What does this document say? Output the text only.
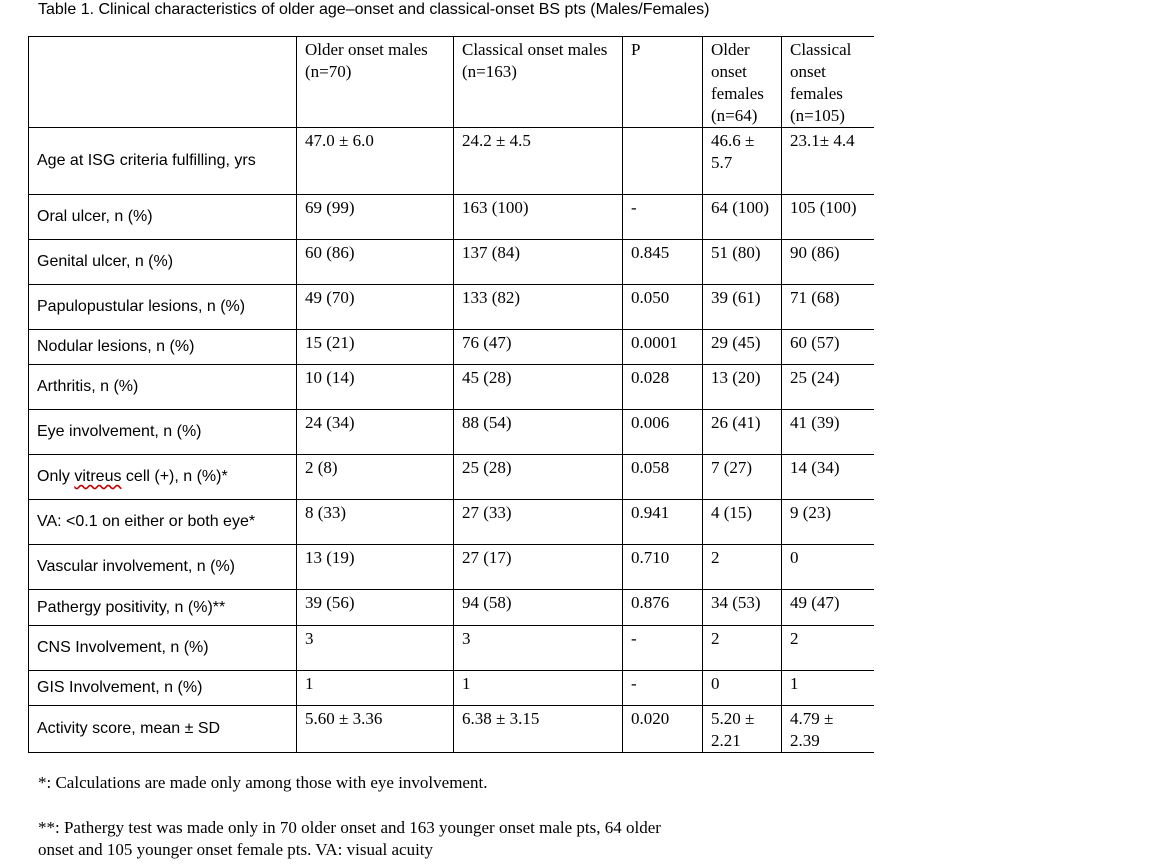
Table 1. Clinical characteristics of older age–onset and classical-onset BS pts (Males/Females)
	Older onset males (n=70)	Classical onset males (n=163)	P	Older onset females (n=64)	Classical onset females (n=105)
Age at ISG criteria fulfilling, yrs	47.0 ± 6.0	24.2 ± 4.5		46.6 ± 5.7	23.1± 4.4
Oral ulcer, n (%)	69 (99)	163 (100)	-	64 (100)	105 (100)
Genital ulcer, n (%)	60 (86)	137 (84)	0.845	51 (80)	90 (86)
Papulopustular lesions, n (%)	49 (70)	133 (82)	0.050	39 (61)	71 (68)
Nodular lesions, n (%)	15 (21)	76 (47)	0.0001	29 (45)	60 (57)
Arthritis, n (%)	10 (14)	45 (28)	0.028	13 (20)	25 (24)
Eye involvement, n (%)	24 (34)	88 (54)	0.006	26 (41)	41 (39)
Only vitreus cell (+), n (%)*	2 (8)	25 (28)	0.058	7 (27)	14 (34)
VA: <0.1 on either or both eye*	8 (33)	27 (33)	0.941	4 (15)	9 (23)
Vascular involvement, n (%)	13 (19)	27 (17)	0.710	2	0
Pathergy positivity, n (%)**	39 (56)	94 (58)	0.876	34 (53)	49 (47)
CNS Involvement, n (%)	3	3	-	2	2
GIS Involvement, n (%)	1	1	-	0	1
Activity score, mean ± SD	5.60 ± 3.36	6.38 ± 3.15	0.020	5.20 ± 2.21	4.79 ± 2.39
*: Calculations are made only among those with eye involvement.
**: Pathergy test was made only in 70 older onset and 163 younger onset male pts, 64 older
onset and 105 younger onset female pts. VA: visual acuity
